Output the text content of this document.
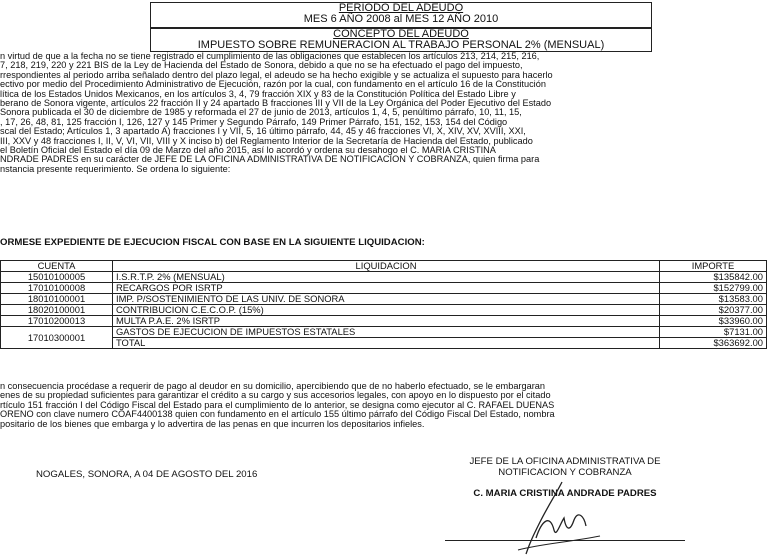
PERIODO DEL ADEUDO
MES 6 AÑO 2008 al MES 12 AÑO 2010
CONCEPTO DEL ADEUDO
IMPUESTO SOBRE REMUNERACION AL TRABAJO PERSONAL 2% (MENSUAL)
n virtud de que a la fecha no se tiene registrado el cumplimiento de las obligaciones que establecen los artículos 213, 214, 215, 216,
7, 218, 219, 220 y 221 BIS de la Ley de Hacienda del Estado de Sonora, debido a que no se ha efectuado el pago del impuesto,
rrespondientes al periodo arriba señalado dentro del plazo legal, el adeudo se ha hecho exigible y se actualiza el supuesto para hacerlo
ectivo por medio del Procedimiento Administrativo de Ejecución, razón por la cual, con fundamento en el artículo 16 de la Constitución
lítica de los Estados Unidos Mexicanos, en los artículos 3, 4, 79 fracción XIX y 83 de la Constitución Política del Estado Libre y
berano de Sonora vigente, artículos 22 fracción II y 24 apartado B fracciones III y VII de la Ley Orgánica del Poder Ejecutivo del Estado
Sonora publicada el 30 de diciembre de 1985 y reformada el 27 de junio de 2013, artículos 1, 4, 5, penúltimo párrafo, 10, 11, 15,
, 17, 26, 48, 81, 125 fracción I, 126, 127 y 145 Primer y Segundo Párrafo, 149 Primer Párrafo, 151, 152, 153, 154 del Código
scal del Estado; Artículos 1, 3 apartado A) fracciones I y VII, 5, 16 último párrafo, 44, 45 y 46 fracciones VI, X, XIV, XV, XVIII, XXI,
III, XXV y 48 fracciones I, II, V, VI, VII, VIII y X inciso b) del Reglamento Interior de la Secretaría de Hacienda del Estado, publicado
el Boletín Oficial del Estado el día 09 de Marzo del año 2015, así lo acordó y ordena su desahogo el C. MARIA CRISTINA
NDRADE PADRES en su carácter de JEFE DE LA OFICINA ADMINISTRATIVA DE NOTIFICACION Y COBRANZA, quien firma para
nstancia presente requerimiento. Se ordena lo siguiente:
ORMESE EXPEDIENTE DE EJECUCION FISCAL CON BASE EN LA SIGUIENTE LIQUIDACION:
CUENTA	LIQUIDACION	IMPORTE
15010100005	I.S.R.T.P. 2% (MENSUAL)	$135842.00
17010100008	RECARGOS POR ISRTP	$152799.00
18010100001	IMP. P/SOSTENIMIENTO DE LAS UNIV. DE SONORA	$13583.00
18020100001	CONTRIBUCION C.E.C.O.P. (15%)	$20377.00
17010200013	MULTA P.A.E. 2% ISRTP	$33960.00
17010300001	GASTOS DE EJECUCION DE IMPUESTOS ESTATALES	$7131.00
	TOTAL	$363692.00
n consecuencia procédase a requerir de pago al deudor en su domicilio, apercibiendo que de no haberlo efectuado, se le embargaran
enes de su propiedad suficientes para garantizar el crédito a su cargo y sus accesorios legales, con apoyo en lo dispuesto por el citado
rtículo 151 fracción I del Código Fiscal del Estado para el cumplimiento de lo anterior, se designa como ejecutor al C. RAFAEL DUEÑAS
ORENO con clave numero COAF4400138 quien con fundamento en el artículo 155 último párrafo del Código Fiscal Del Estado, nombra
positario de los bienes que embarga y lo advertira de las penas en que incurren los depositarios infieles.
NOGALES, SONORA, A 04 DE AGOSTO DEL 2016
JEFE DE LA OFICINA ADMINISTRATIVA DE
NOTIFICACION Y COBRANZA
C. MARIA CRISTINA ANDRADE PADRES
